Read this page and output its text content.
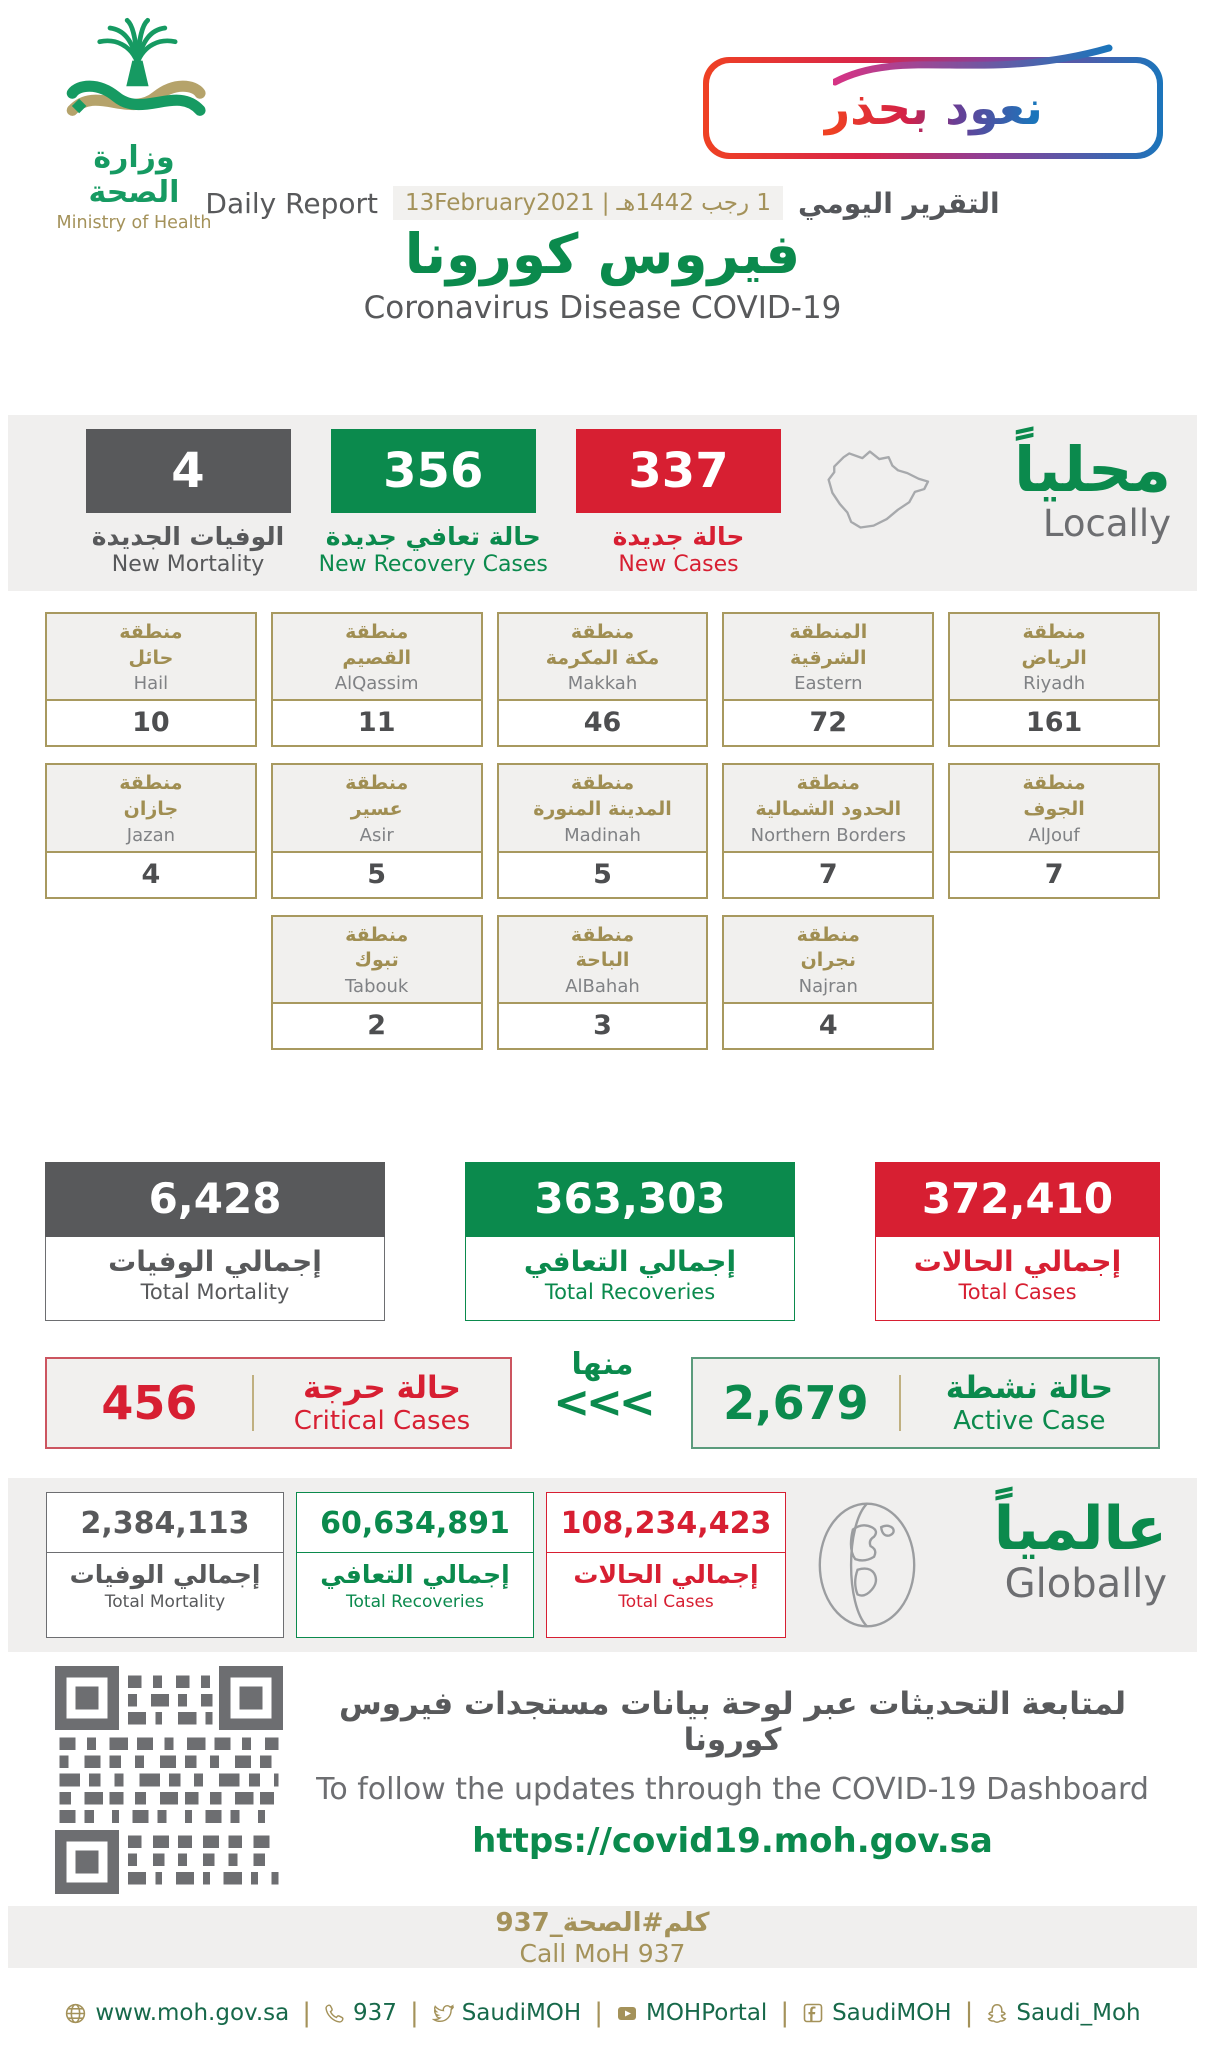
وزارة الصحة
Ministry of Health
نعود بحذر
Daily Report 13February2021 | 1 رجب 1442هـ التقرير اليومي
فيروس كورونا
Coronavirus Disease COVID-19
4
الوفيات الجديدة
New Mortality
356
حالة تعافي جديدة
New Recovery Cases
337
حالة جديدة
New Cases
محلياً
Locally
منطقة
حائل
Hail
10
منطقة
القصيم
AlQassim
11
منطقة
مكة المكرمة
Makkah
46
المنطقة
الشرقية
Eastern
72
منطقة
الرياض
Riyadh
161
منطقة
جازان
Jazan
4
منطقة
عسير
Asir
5
منطقة
المدينة المنورة
Madinah
5
منطقة
الحدود الشمالية
Northern Borders
7
منطقة
الجوف
AlJouf
7
منطقة
تبوك
Tabouk
2
منطقة
الباحة
AlBahah
3
منطقة
نجران
Najran
4
6,428
إجمالي الوفيات
Total Mortality
363,303
إجمالي التعافي
Total Recoveries
372,410
إجمالي الحالات
Total Cases
456	حالة حرجة
Critical Cases
منها
<<<	2,679	حالة نشطة
Active Case
2,384,113
إجمالي الوفيات
Total Mortality
60,634,891
إجمالي التعافي
Total Recoveries
108,234,423
إجمالي الحالات
Total Cases
عالمياً
Globally
لمتابعة التحديثات عبر لوحة بيانات مستجدات فيروس كورونا
To follow the updates through the COVID-19 Dashboard
https://covid19.moh.gov.sa
كلم#الصحة_937
Call MoH 937
www.moh.gov.sa | 937 | SaudiMOH | MOHPortal | SaudiMOH | Saudi_Moh
